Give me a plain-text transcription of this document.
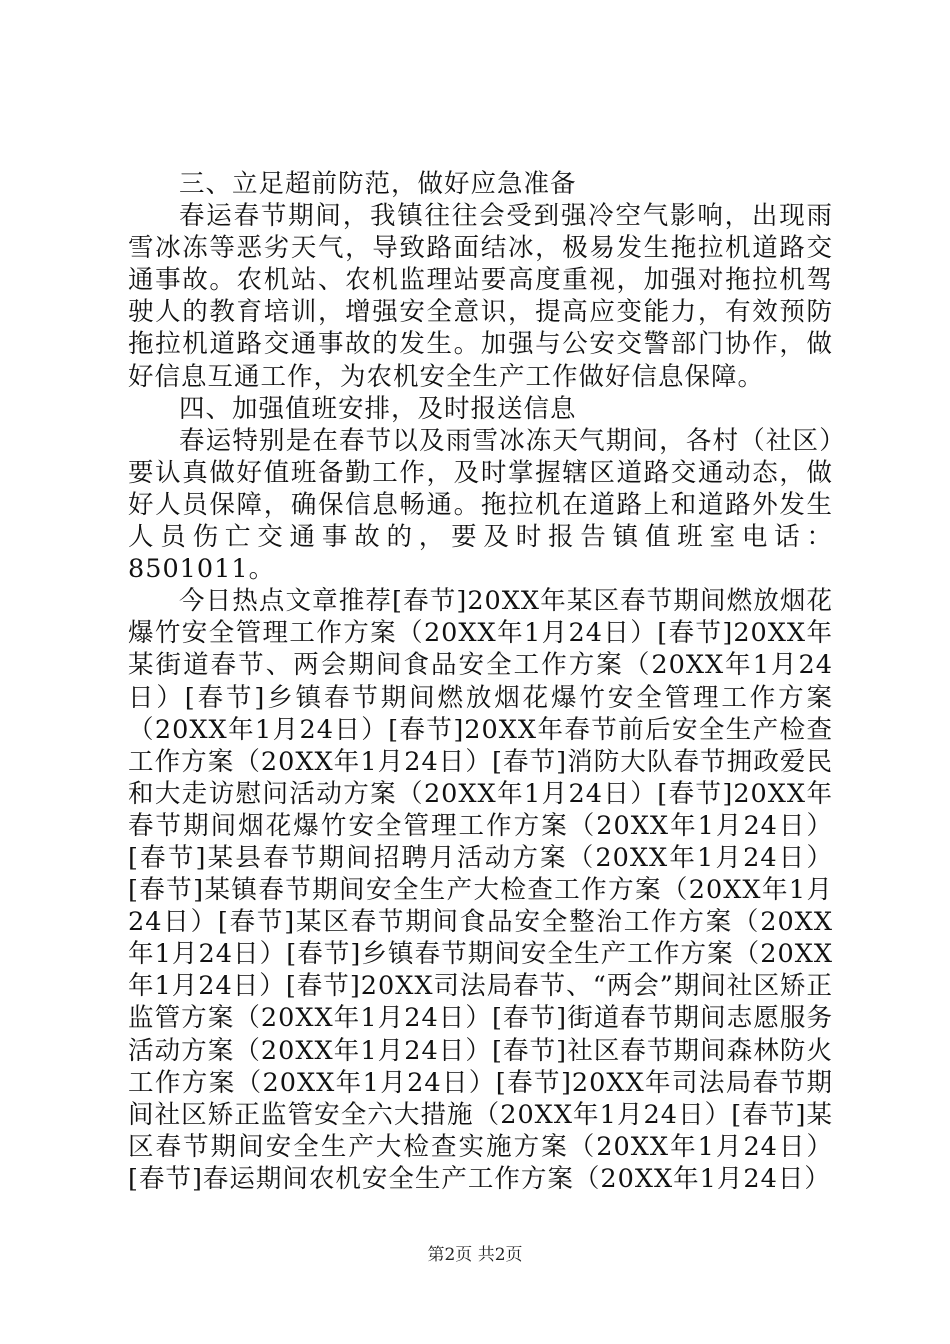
三、立足超前防范，做好应急准备

春运春节期间，我镇往往会受到强冷空气影响，出现雨雪冰冻等恶劣天气，导致路面结冰，极易发生拖拉机道路交通事故。农机站、农机监理站要高度重视，加强对拖拉机驾驶人的教育培训，增强安全意识，提高应变能力，有效预防拖拉机道路交通事故的发生。加强与公安交警部门协作，做好信息互通工作，为农机安全生产工作做好信息保障。

四、加强值班安排，及时报送信息

春运特别是在春节以及雨雪冰冻天气期间，各村（社区）要认真做好值班备勤工作，及时掌握辖区道路交通动态，做好人员保障，确保信息畅通。拖拉机在道路上和道路外发生人员伤亡交通事故的，要及时报告镇值班室电话：8501011。

今日热点文章推荐[春节]20XX年某区春节期间燃放烟花爆竹安全管理工作方案（20XX年1月24日）[春节]20XX年某街道春节、两会期间食品安全工作方案（20XX年1月24日）[春节]乡镇春节期间燃放烟花爆竹安全管理工作方案（20XX年1月24日）[春节]20XX年春节前后安全生产检查工作方案（20XX年1月24日）[春节]消防大队春节拥政爱民和大走访慰问活动方案（20XX年1月24日）[春节]20XX年春节期间烟花爆竹安全管理工作方案（20XX年1月24日）[春节]某县春节期间招聘月活动方案（20XX年1月24日）[春节]某镇春节期间安全生产大检查工作方案（20XX年1月24日）[春节]某区春节期间食品安全整治工作方案（20XX年1月24日）[春节]乡镇春节期间安全生产工作方案（20XX年1月24日）[春节]20XX司法局春节、“两会”期间社区矫正监管方案（20XX年1月24日）[春节]街道春节期间志愿服务活动方案（20XX年1月24日）[春节]社区春节期间森林防火工作方案（20XX年1月24日）[春节]20XX年司法局春节期间社区矫正监管安全六大措施（20XX年1月24日）[春节]某区春节期间安全生产大检查实施方案（20XX年1月24日）[春节]春运期间农机安全生产工作方案（20XX年1月24日）

第2页 共2页
